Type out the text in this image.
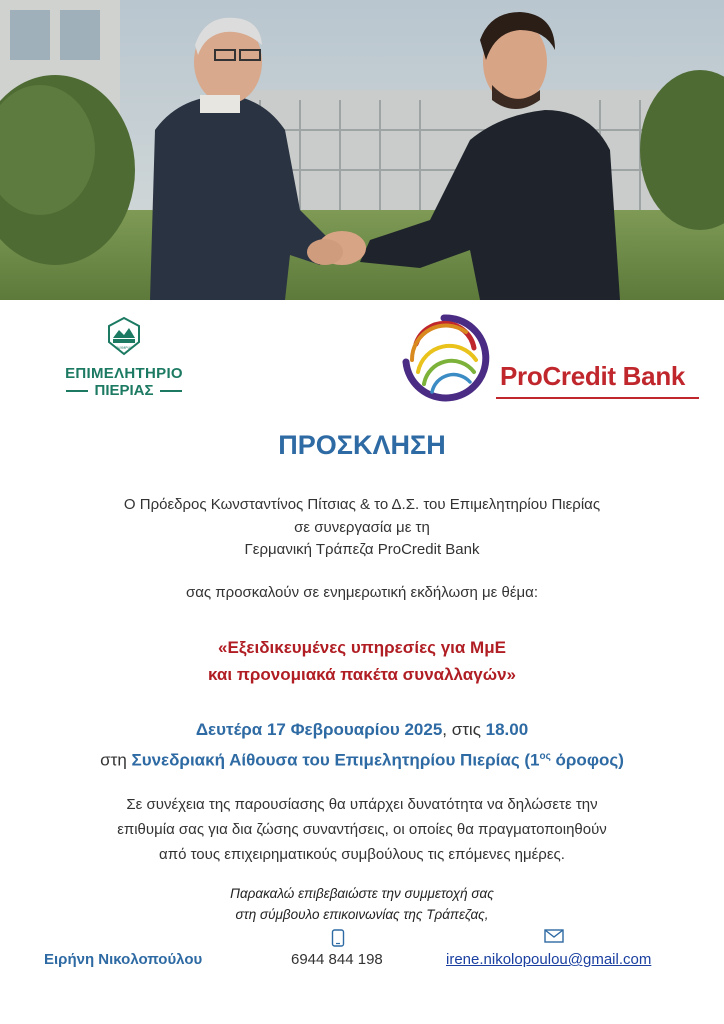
OLYMPUS
ΕΠΙΜΕΛΗΤΗΡΙΟ
ΠΙΕΡΙΑΣ	ProCredit Bank
ΠΡΟΣΚΛΗΣΗ
Ο Πρόεδρος Κωνσταντίνος Πίτσιας & το Δ.Σ. του Επιμελητηρίου Πιερίας
σε συνεργασία με τη
Γερμανική Τράπεζα ProCredit Bank
σας προσκαλούν σε ενημερωτική εκδήλωση με θέμα:
«Εξειδικευμένες υπηρεσίες για ΜμΕ
και προνομιακά πακέτα συναλλαγών»
Δευτέρα 17 Φεβρουαρίου 2025, στις 18.00
στη Συνεδριακή Αίθουσα του Επιμελητηρίου Πιερίας ($1^{o\varsigma}$ όροφος)
Σε συνέχεια της παρουσίασης θα υπάρχει δυνατότητα να δηλώσετε την
επιθυμία σας για δια ζώσης συναντήσεις, οι οποίες θα πραγματοποιηθούν
από τους επιχειρηματικούς συμβούλους τις επόμενες ημέρες.
Παρακαλώ επιβεβαιώστε την συμμετοχή σας
στη σύμβουλο επικοινωνίας της Τράπεζας,
Ειρήνη Νικολοπούλου	6944 844 198	irene.nikolopoulou@gmail.com
